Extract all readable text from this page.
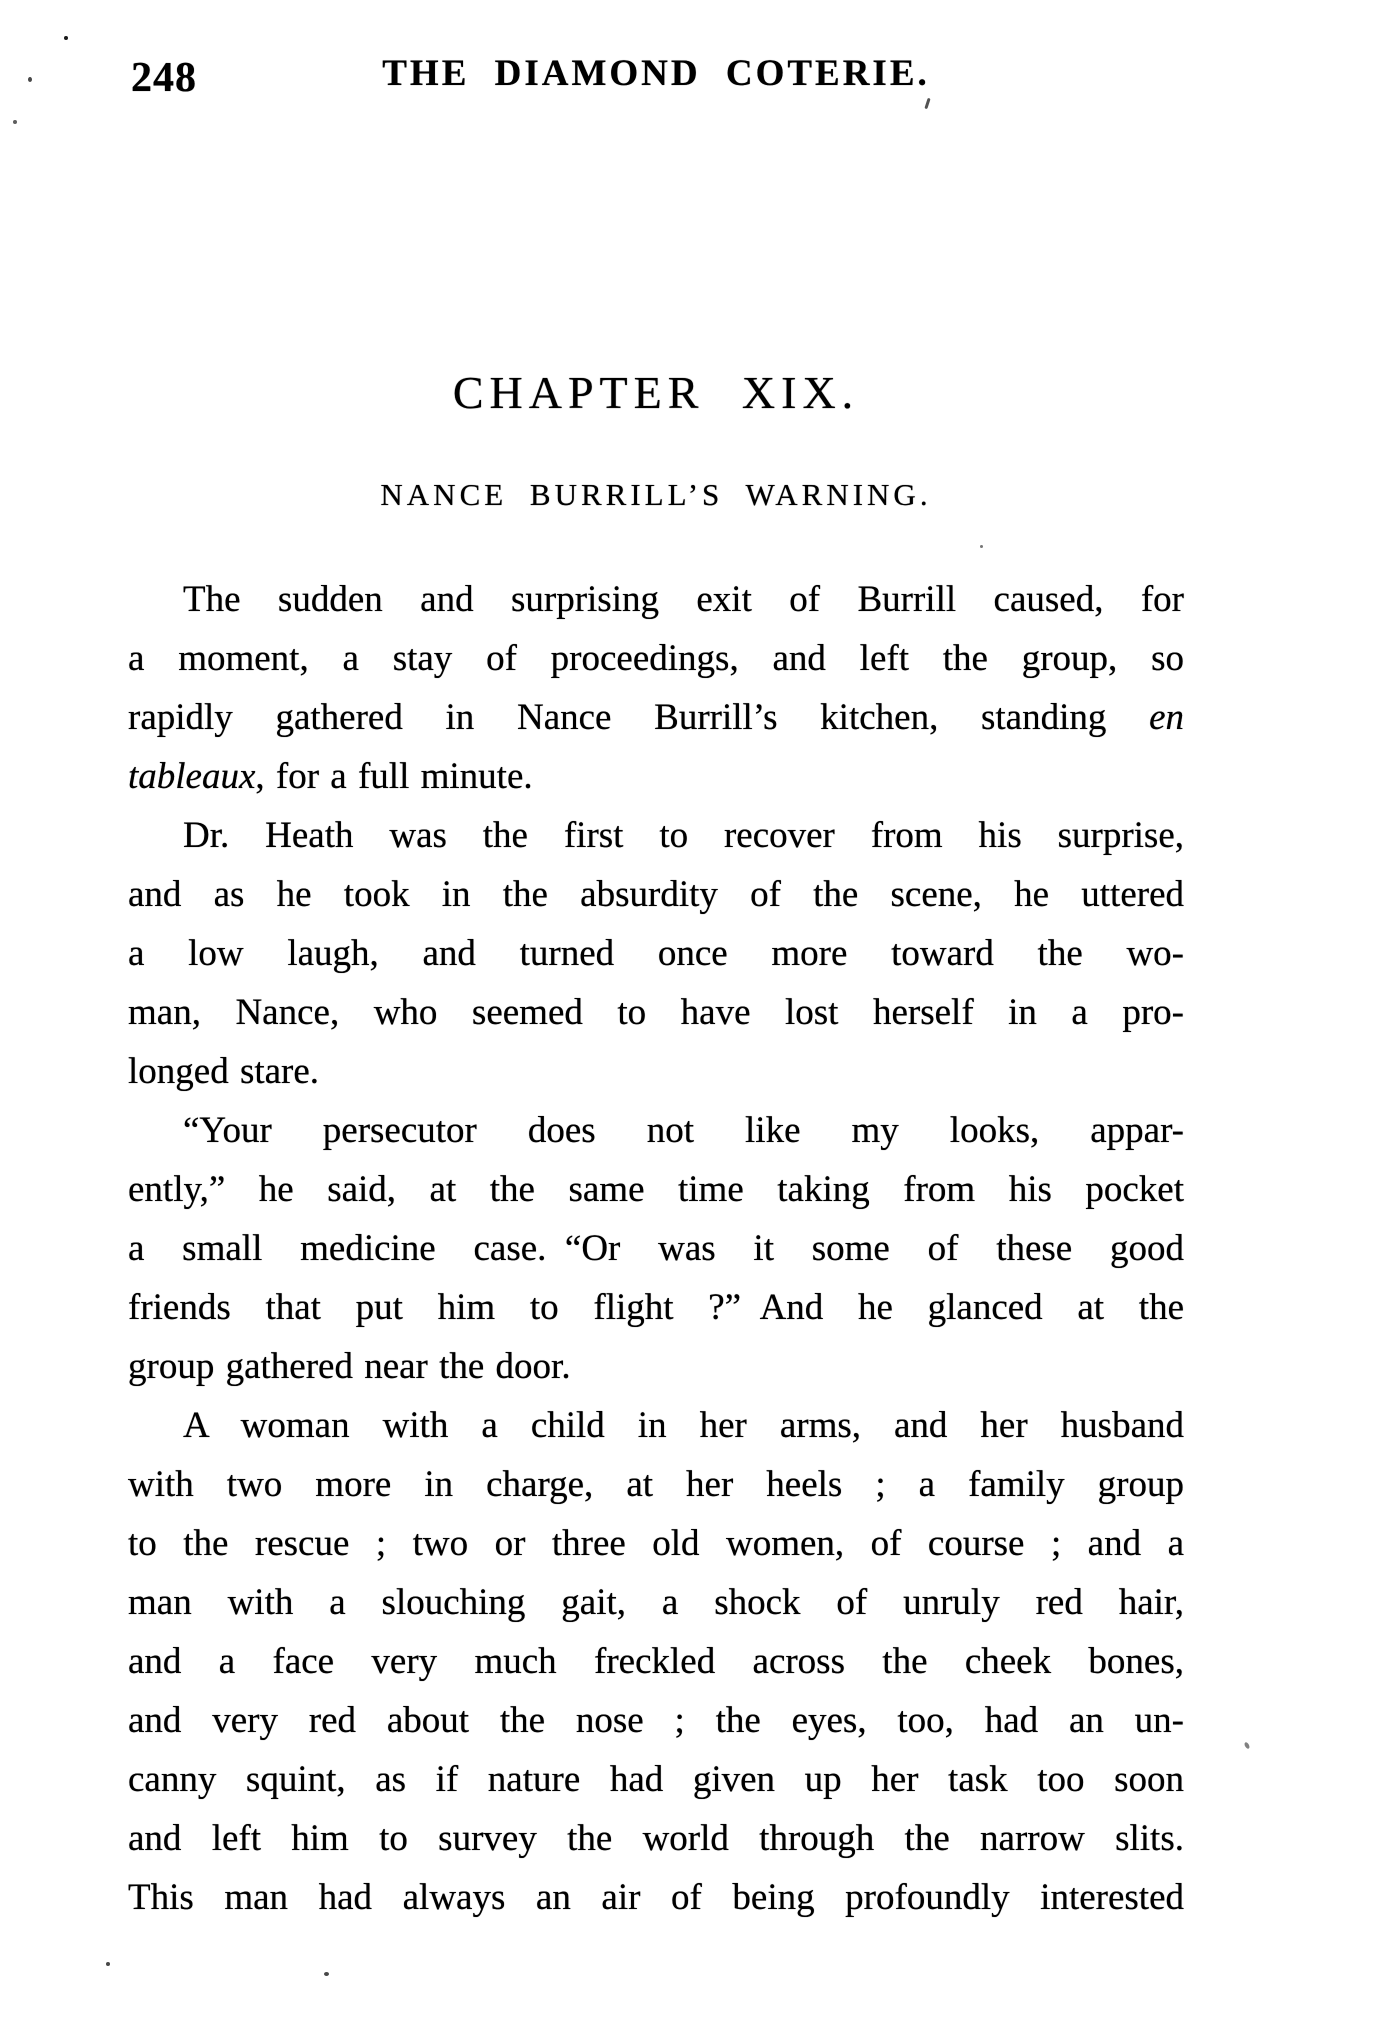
248	THE DIAMOND COTERIE.
CHAPTER XIX.
NANCE BURRILL’S WARNING.
The sudden and surprising exit of Burrill caused, for
a moment, a stay of proceedings, and left the group, so
rapidly gathered in Nance Burrill’s kitchen, standing en
tableaux, for a full minute.
Dr. Heath was the first to recover from his surprise,
and as he took in the absurdity of the scene, he uttered
a low laugh, and turned once more toward the wo-
man, Nance, who seemed to have lost herself in a pro-
longed stare.
“Your persecutor does not like my looks, appar-
ently,” he said, at the same time taking from his pocket
a small medicine case. “Or was it some of these good
friends that put him to flight ?” And he glanced at the
group gathered near the door.
A woman with a child in her arms, and her husband
with two more in charge, at her heels ; a family group
to the rescue ; two or three old women, of course ; and a
man with a slouching gait, a shock of unruly red hair,
and a face very much freckled across the cheek bones,
and very red about the nose ; the eyes, too, had an un-
canny squint, as if nature had given up her task too soon
and left him to survey the world through the narrow slits.
This man had always an air of being profoundly interested
